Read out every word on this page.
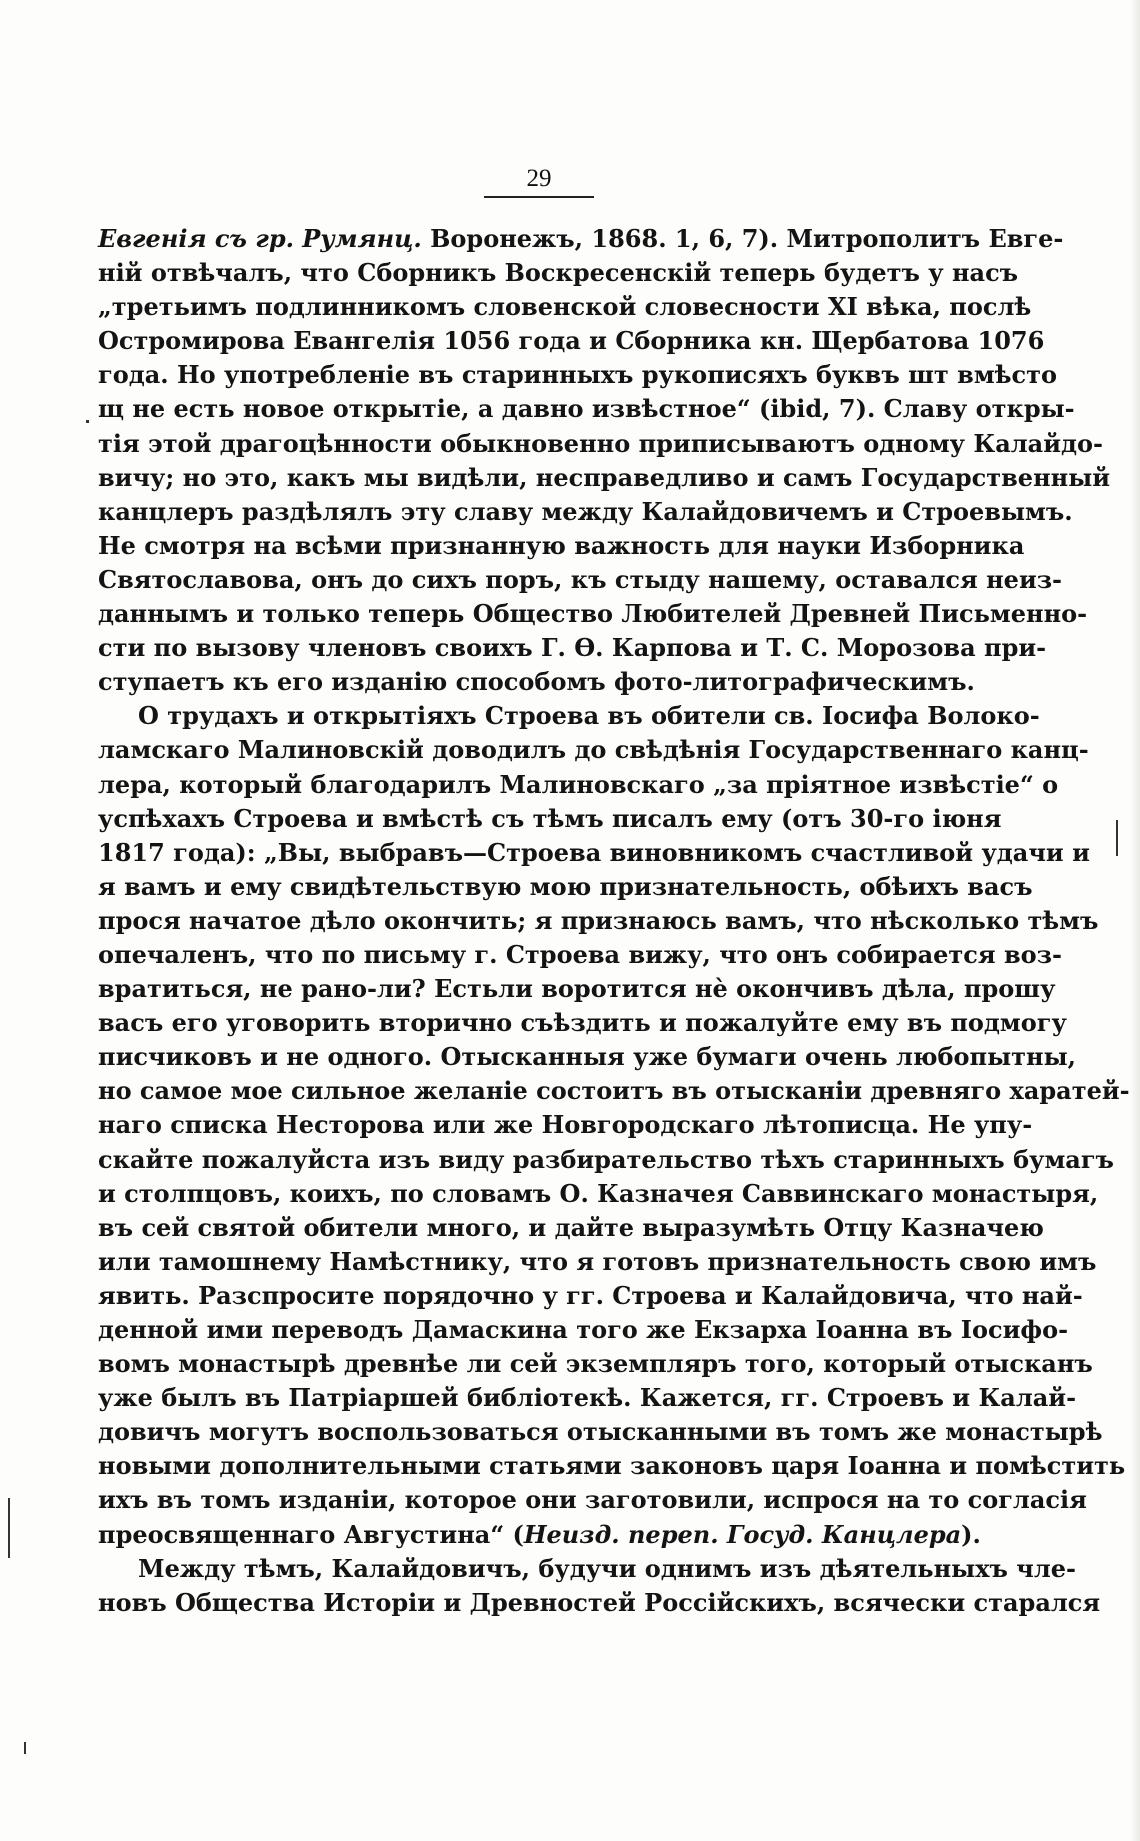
29
Евгенія съ гр. Румянц. Воронежъ, 1868. 1, 6, 7). Митрополитъ Евге-
ній отвѣчалъ, что Сборникъ Воскресенскій теперь будетъ у насъ
„третьимъ подлинникомъ словенской словесности XI вѣка, послѣ
Остромирова Евангелія 1056 года и Сборника кн. Щербатова 1076
года. Но употребленіе въ старинныхъ рукописяхъ буквъ шт вмѣсто
щ не есть новое открытіе, а давно извѣстное“ (ibid, 7). Славу откры-
тія этой драгоцѣнности обыкновенно приписываютъ одному Калайдо-
вичу; но это, какъ мы видѣли, несправедливо и самъ Государственный
канцлеръ раздѣлялъ эту славу между Калайдовичемъ и Строевымъ.
Не смотря на всѣми признанную важность для науки Изборника
Святославова, онъ до сихъ поръ, къ стыду нашему, оставался неиз-
даннымъ и только теперь Общество Любителей Древней Письменно-
сти по вызову членовъ своихъ Г. Ѳ. Карпова и Т. С. Морозова при-
ступаетъ къ его изданію способомъ фото-литографическимъ.
О трудахъ и открытіяхъ Строева въ обители св. Іосифа Волоко-
ламскаго Малиновскій доводилъ до свѣдѣнія Государственнаго канц-
лера, который благодарилъ Малиновскаго „за пріятное извѣстіе“ о
успѣхахъ Строева и вмѣстѣ съ тѣмъ писалъ ему (отъ 30-го іюня
1817 года): „Вы, выбравъ—Строева виновникомъ счастливой удачи и
я вамъ и ему свидѣтельствую мою признательность, обѣихъ васъ
прося начатое дѣло окончить; я признаюсь вамъ, что нѣсколько тѣмъ
опечаленъ, что по письму г. Строева вижу, что онъ собирается воз-
вратиться, не рано-ли? Естьли воротится нѐ окончивъ дѣла, прошу
васъ его уговорить вторично съѣздить и пожалуйте ему въ подмогу
писчиковъ и не одного. Отысканныя уже бумаги очень любопытны,
но самое мое сильное желаніе состоитъ въ отысканіи древняго харатей-
наго списка Несторова или же Новгородскаго лѣтописца. Не упу-
скайте пожалуйста изъ виду разбирательство тѣхъ старинныхъ бумагъ
и столпцовъ, коихъ, по словамъ О. Казначея Саввинскаго монастыря,
въ сей святой обители много, и дайте выразумѣть Отцу Казначею
или тамошнему Намѣстнику, что я готовъ признательность свою имъ
явить. Разспросите порядочно у гг. Строева и Калайдовича, что най-
денной ими переводъ Дамаскина того же Екзарха Іоанна въ Іосифо-
вомъ монастырѣ древнѣе ли сей экземпляръ того, который отысканъ
уже былъ въ Патріаршей библіотекѣ. Кажется, гг. Строевъ и Калай-
довичъ могутъ воспользоваться отысканными въ томъ же монастырѣ
новыми дополнительными статьями законовъ царя Іоанна и помѣстить
ихъ въ томъ изданіи, которое они заготовили, испрося на то согласія
преосвященнаго Августина“ (Неизд. переп. Госуд. Канцлера).
Между тѣмъ, Калайдовичъ, будучи однимъ изъ дѣятельныхъ чле-
новъ Общества Исторіи и Древностей Россійскихъ, всячески старался
